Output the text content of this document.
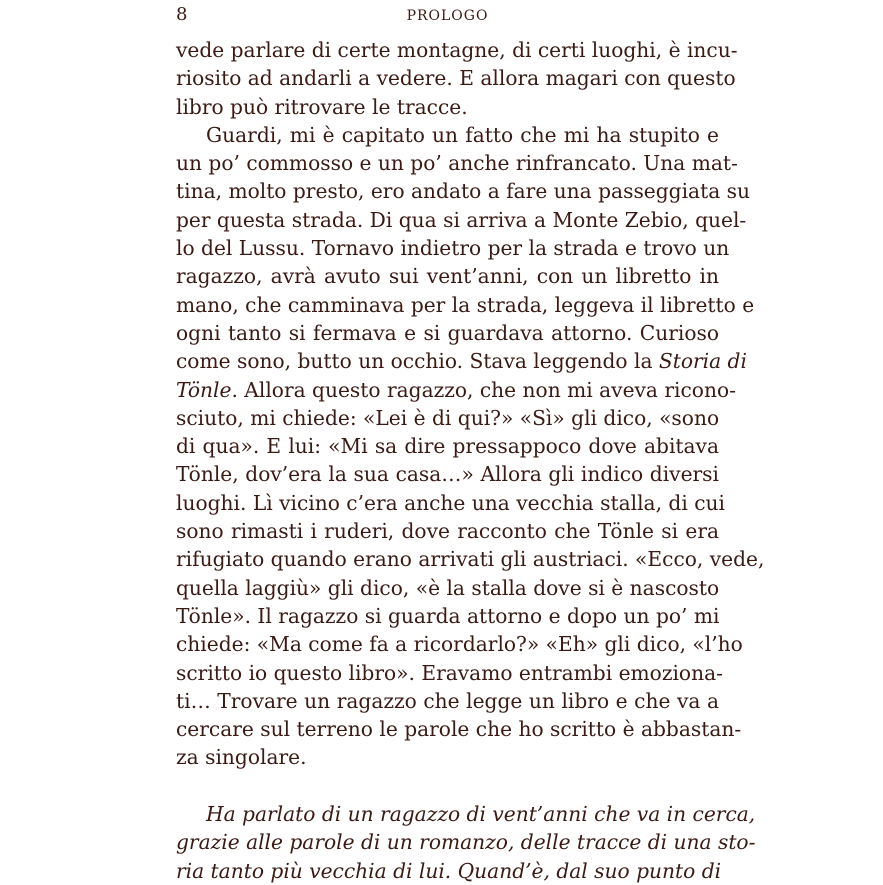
8	PROLOGO
vede parlare di certe montagne, di certi luoghi, è incu-
riosito ad andarli a vedere. E allora magari con questo
libro può ritrovare le tracce.
Guardi, mi è capitato un fatto che mi ha stupito e
un po’ commosso e un po’ anche rinfrancato. Una mat-
tina, molto presto, ero andato a fare una passeggiata su
per questa strada. Di qua si arriva a Monte Zebio, quel-
lo del Lussu. Tornavo indietro per la strada e trovo un
ragazzo, avrà avuto sui vent’anni, con un libretto in
mano, che camminava per la strada, leggeva il libretto e
ogni tanto si fermava e si guardava attorno. Curioso
come sono, butto un occhio. Stava leggendo la Storia di
Tönle. Allora questo ragazzo, che non mi aveva ricono-
sciuto, mi chiede: «Lei è di qui?» «Sì» gli dico, «sono
di qua». E lui: «Mi sa dire pressappoco dove abitava
Tönle, dov’era la sua casa…» Allora gli indico diversi
luoghi. Lì vicino c’era anche una vecchia stalla, di cui
sono rimasti i ruderi, dove racconto che Tönle si era
rifugiato quando erano arrivati gli austriaci. «Ecco, vede,
quella laggiù» gli dico, «è la stalla dove si è nascosto
Tönle». Il ragazzo si guarda attorno e dopo un po’ mi
chiede: «Ma come fa a ricordarlo?» «Eh» gli dico, «l’ho
scritto io questo libro». Eravamo entrambi emoziona-
ti… Trovare un ragazzo che legge un libro e che va a
cercare sul terreno le parole che ho scritto è abbastan-
za singolare.
Ha parlato di un ragazzo di vent’anni che va in cerca,
grazie alle parole di un romanzo, delle tracce di una sto-
ria tanto più vecchia di lui. Quand’è, dal suo punto di
